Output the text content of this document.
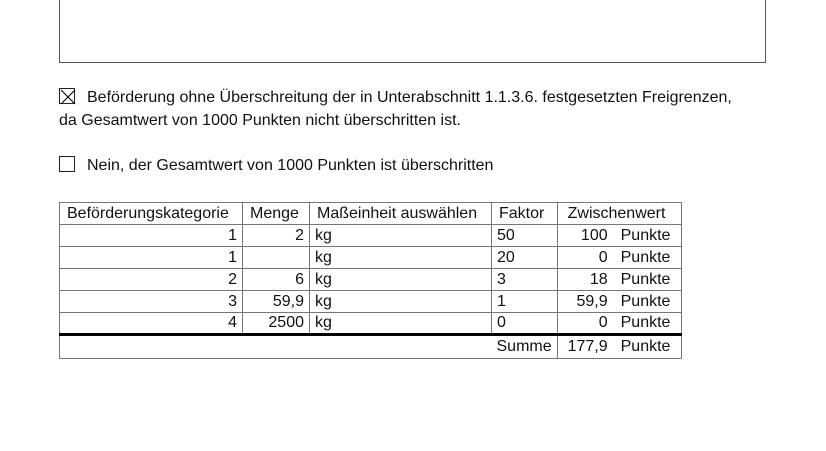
Beförderung ohne Überschreitung der in Unterabschnitt 1.1.3.6. festgesetzten Freigrenzen,
da Gesamtwert von 1000 Punkten nicht überschritten ist.
Nein, der Gesamtwert von 1000 Punkten ist überschritten
Beförderungskategorie	Menge	Maßeinheit auswählen	Faktor	Zwischenwert
1	2	kg	50	100 Punkte

1		kg	20	0 Punkte

2	6	kg	3	18 Punkte

3	59,9	kg	1	59,9 Punkte

4	2500	kg	0	0 Punkte

			Summe	177,9 Punkte
